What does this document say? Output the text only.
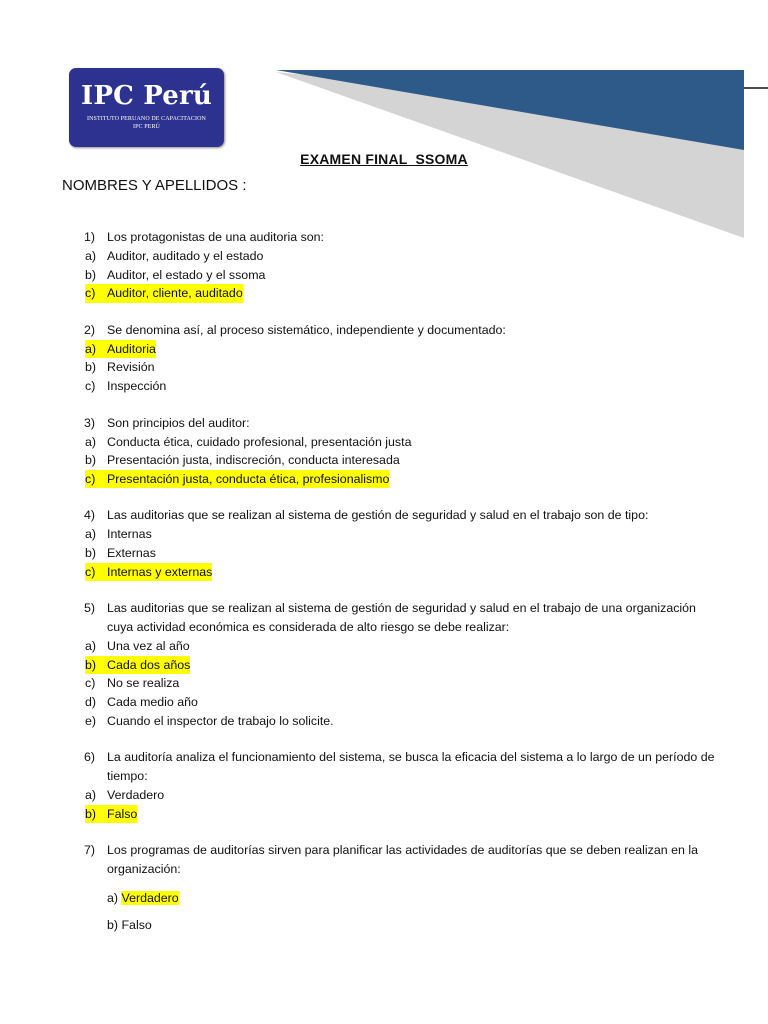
IPC Perú
INSTITUTO PERUANO DE CAPACITACION
IPC PERÚ
EXAMEN FINAL  SSOMA
NOMBRES Y APELLIDOS :
1) Los protagonistas de una auditoria son:
a) Auditor, auditado y el estado
b) Auditor, el estado y el ssoma
c) Auditor, cliente, auditado
2) Se denomina así, al proceso sistemático, independiente y documentado:
a) Auditoria
b) Revisión
c) Inspección
3) Son principios del auditor:
a) Conducta ética, cuidado profesional, presentación justa
b) Presentación justa, indiscreción, conducta interesada
c) Presentación justa, conducta ética, profesionalismo
4) Las auditorias que se realizan al sistema de gestión de seguridad y salud en el trabajo son de tipo:
a) Internas
b) Externas
c) Internas y externas
5) Las auditorias que se realizan al sistema de gestión de seguridad y salud en el trabajo de una organización cuya actividad económica es considerada de alto riesgo se debe realizar:
a) Una vez al año
b) Cada dos años
c) No se realiza
d) Cada medio año
e) Cuando el inspector de trabajo lo solicite.
6) La auditoría analiza el funcionamiento del sistema, se busca la eficacia del sistema a lo largo de un período de tiempo:
a) Verdadero
b) Falso
7) Los programas de auditorías sirven para planificar las actividades de auditorías que se deben realizan en la organización:
a) Verdadero
b) Falso
